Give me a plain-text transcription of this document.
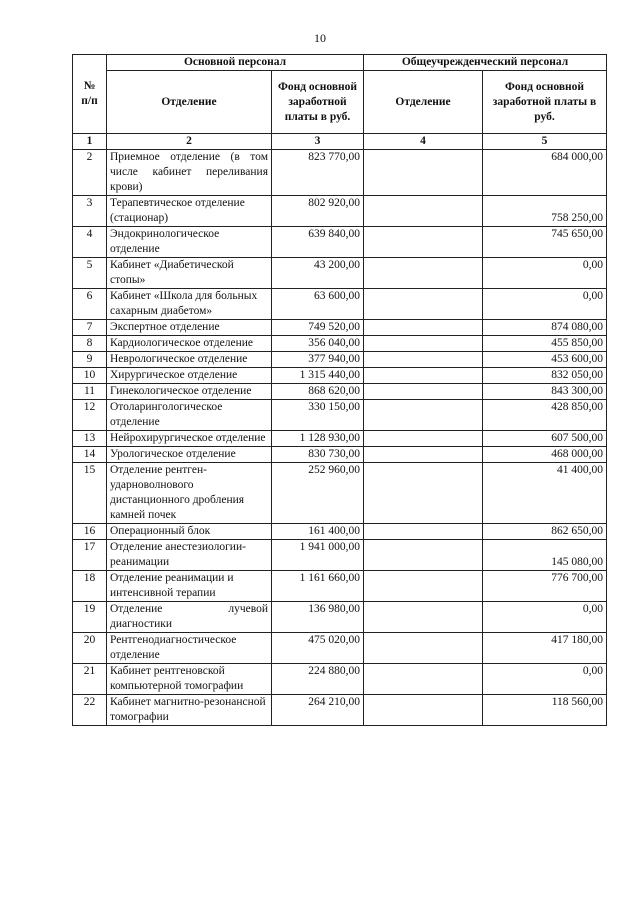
10
№
п/п	Основной персонал		Общеучрежденческий персонал	
	Отделение	Фонд основной заработной платы в руб.	Отделение	Фонд основной заработной платы в руб.
1	2	3	4	5
2	Приемное отделение (в том числе кабинет переливания крови)	823 770,00		684 000,00
3	Терапевтическое отделение (стационар)	802 920,00		758 250,00
4	Эндокринологическое отделение	639 840,00		745 650,00
5	Кабинет «Диабетической стопы»	43 200,00		0,00
6	Кабинет «Школа для больных сахарным диабетом»	63 600,00		0,00
7	Экспертное отделение	749 520,00		874 080,00
8	Кардиологическое отделение	356 040,00		455 850,00
9	Неврологическое отделение	377 940,00		453 600,00
10	Хирургическое отделение	1 315 440,00		832 050,00
11	Гинекологическое отделение	868 620,00		843 300,00
12	Отоларингологическое отделение	330 150,00		428 850,00
13	Нейрохирургическое отделение	1 128 930,00		607 500,00
14	Урологическое отделение	830 730,00		468 000,00
15	Отделение рентген-ударноволнового дистанционного дробления камней почек	252 960,00		41 400,00
16	Операционный блок	161 400,00		862 650,00
17	Отделение анестезиологии-реанимации	1 941 000,00		145 080,00
18	Отделение реанимации и интенсивной терапии	1 161 660,00		776 700,00
19	Отделение лучевой диагностики	136 980,00		0,00
20	Рентгенодиагностическое отделение	475 020,00		417 180,00
21	Кабинет рентгеновской компьютерной томографии	224 880,00		0,00
22	Кабинет магнитно-резонансной томографии	264 210,00		118 560,00
